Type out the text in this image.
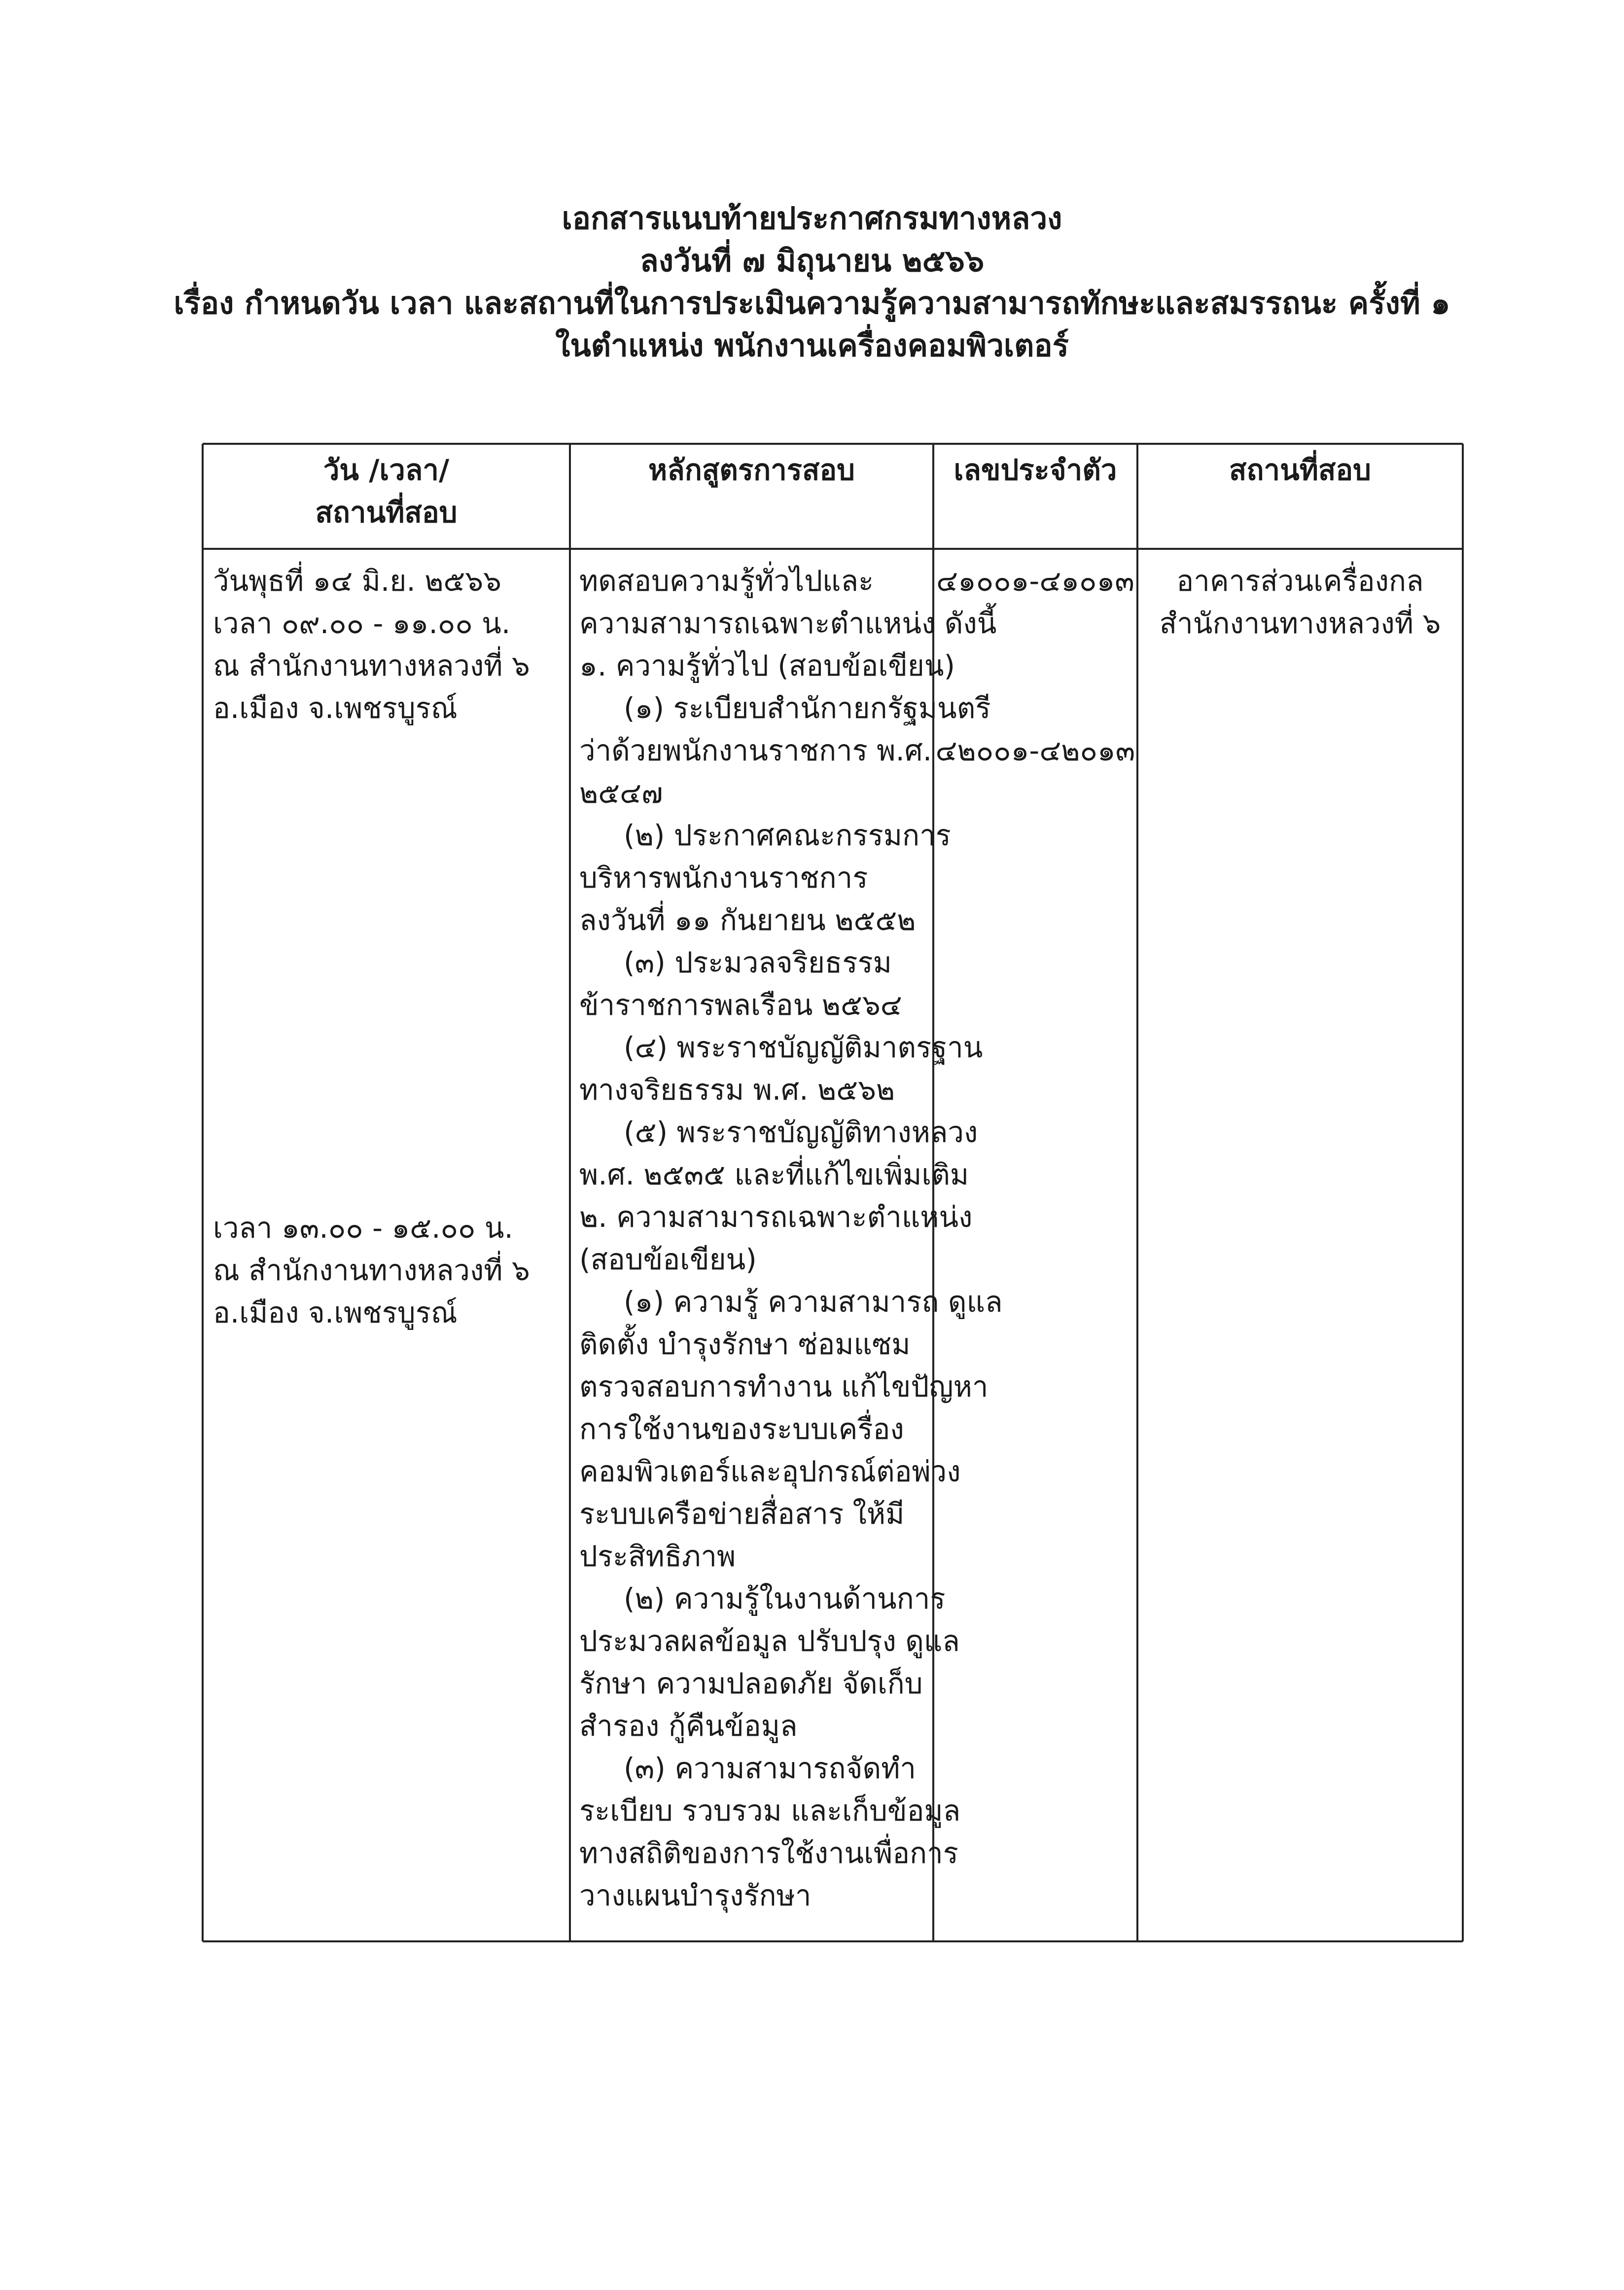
เอกสารแนบท้ายประกาศกรมทางหลวง
ลงวันที่ ๗ มิถุนายน ๒๕๖๖
เรื่อง กำหนดวัน เวลา และสถานที่ในการประเมินความรู้ความสามารถทักษะและสมรรถนะ ครั้งที่ ๑
ในตำแหน่ง พนักงานเครื่องคอมพิวเตอร์
วัน /เวลา/
สถานที่สอบ
หลักสูตรการสอบ	เลขประจำตัว	สถานที่สอบ
วันพุธที่ ๑๔ มิ.ย. ๒๕๖๖
เวลา ๐๙.๐๐ - ๑๑.๐๐ น.
ณ สำนักงานทางหลวงที่ ๖
อ.เมือง จ.เพชรบูรณ์
เวลา ๑๓.๐๐ - ๑๕.๐๐ น.
ณ สำนักงานทางหลวงที่ ๖
อ.เมือง จ.เพชรบูรณ์
ทดสอบความรู้ทั่วไปและ
ความสามารถเฉพาะตำแหน่ง ดังนี้
๑. ความรู้ทั่วไป (สอบข้อเขียน)
(๑) ระเบียบสำนักายกรัฐมนตรี
ว่าด้วยพนักงานราชการ พ.ศ.
๒๕๔๗
(๒) ประกาศคณะกรรมการ
บริหารพนักงานราชการ
ลงวันที่ ๑๑ กันยายน ๒๕๕๒
(๓) ประมวลจริยธรรม
ข้าราชการพลเรือน ๒๕๖๔
(๔) พระราชบัญญัติมาตรฐาน
ทางจริยธรรม พ.ศ. ๒๕๖๒
(๕) พระราชบัญญัติทางหลวง
พ.ศ. ๒๕๓๕ และที่แก้ไขเพิ่มเติม
๒. ความสามารถเฉพาะตำแหน่ง
(สอบข้อเขียน)
(๑) ความรู้ ความสามารถ ดูแล
ติดตั้ง บำรุงรักษา ซ่อมแซม
ตรวจสอบการทำงาน แก้ไขปัญหา
การใช้งานของระบบเครื่อง
คอมพิวเตอร์และอุปกรณ์ต่อพ่วง
ระบบเครือข่ายสื่อสาร ให้มี
ประสิทธิภาพ
(๒) ความรู้ในงานด้านการ
ประมวลผลข้อมูล ปรับปรุง ดูแล
รักษา ความปลอดภัย จัดเก็บ
สำรอง กู้คืนข้อมูล
(๓) ความสามารถจัดทำ
ระเบียบ รวบรวม และเก็บข้อมูล
ทางสถิติของการใช้งานเพื่อการ
วางแผนบำรุงรักษา
๔๑๐๐๑-๔๑๐๑๓
๔๒๐๐๑-๔๒๐๑๓
อาคารส่วนเครื่องกล
สำนักงานทางหลวงที่ ๖
